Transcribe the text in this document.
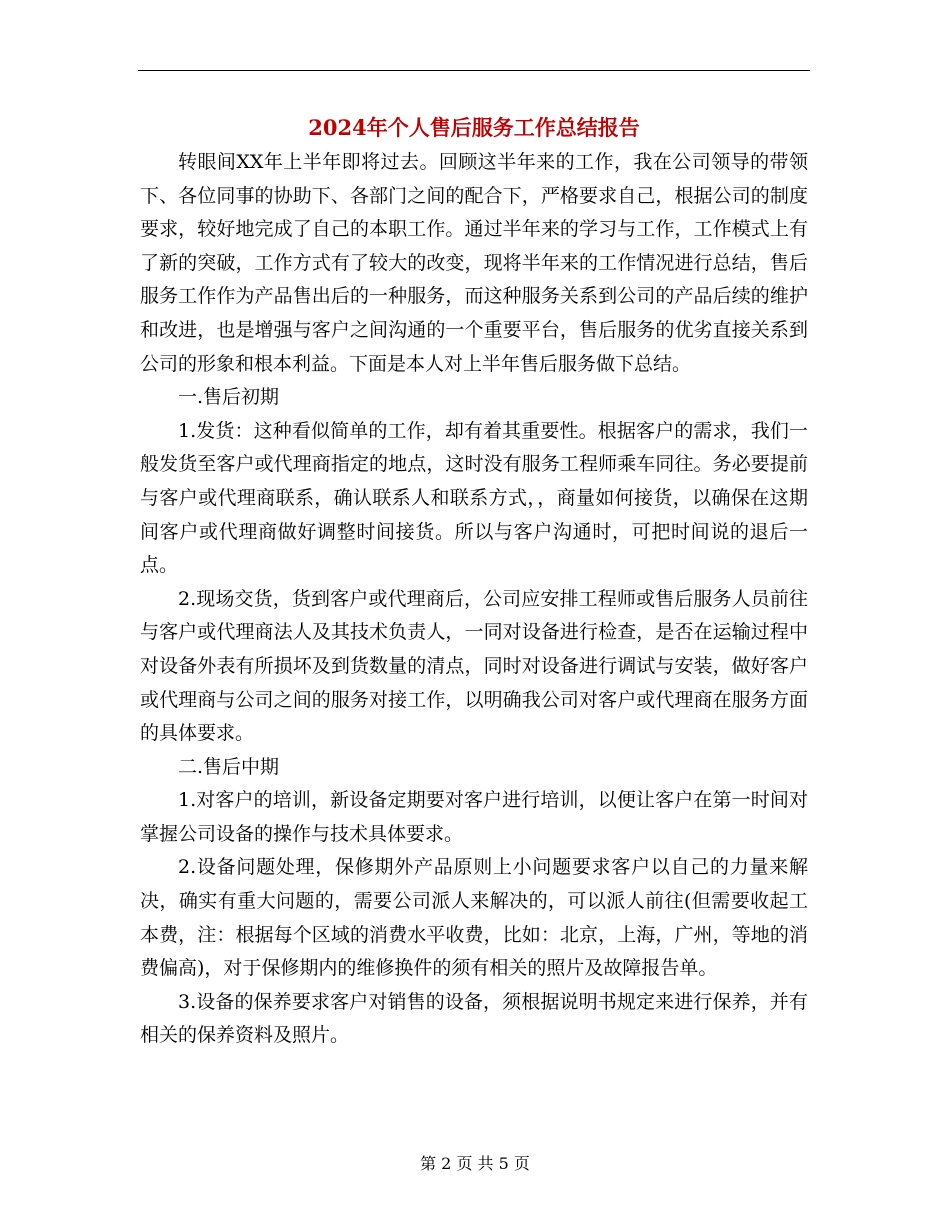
2024年个人售后服务工作总结报告

转眼间XX年上半年即将过去。回顾这半年来的工作，我在公司领导的带领下、各位同事的协助下、各部门之间的配合下，严格要求自己，根据公司的制度要求，较好地完成了自己的本职工作。通过半年来的学习与工作，工作模式上有了新的突破，工作方式有了较大的改变，现将半年来的工作情况进行总结，售后服务工作作为产品售出后的一种服务，而这种服务关系到公司的产品后续的维护和改进，也是增强与客户之间沟通的一个重要平台，售后服务的优劣直接关系到公司的形象和根本利益。下面是本人对上半年售后服务做下总结。

一.售后初期

1.发货：这种看似简单的工作，却有着其重要性。根据客户的需求，我们一般发货至客户或代理商指定的地点，这时没有服务工程师乘车同往。务必要提前与客户或代理商联系，确认联系人和联系方式，，商量如何接货，以确保在这期间客户或代理商做好调整时间接货。所以与客户沟通时，可把时间说的退后一点。

2.现场交货，货到客户或代理商后，公司应安排工程师或售后服务人员前往与客户或代理商法人及其技术负责人，一同对设备进行检查，是否在运输过程中对设备外表有所损坏及到货数量的清点，同时对设备进行调试与安装，做好客户或代理商与公司之间的服务对接工作，以明确我公司对客户或代理商在服务方面的具体要求。

二.售后中期

1.对客户的培训，新设备定期要对客户进行培训，以便让客户在第一时间对掌握公司设备的操作与技术具体要求。

2.设备问题处理，保修期外产品原则上小问题要求客户以自己的力量来解决，确实有重大问题的，需要公司派人来解决的，可以派人前往(但需要收起工本费，注：根据每个区域的消费水平收费，比如：北京，上海，广州，等地的消费偏高)，对于保修期内的维修换件的须有相关的照片及故障报告单。

3.设备的保养要求客户对销售的设备，须根据说明书规定来进行保养，并有相关的保养资料及照片。

第 2 页 共 5 页
